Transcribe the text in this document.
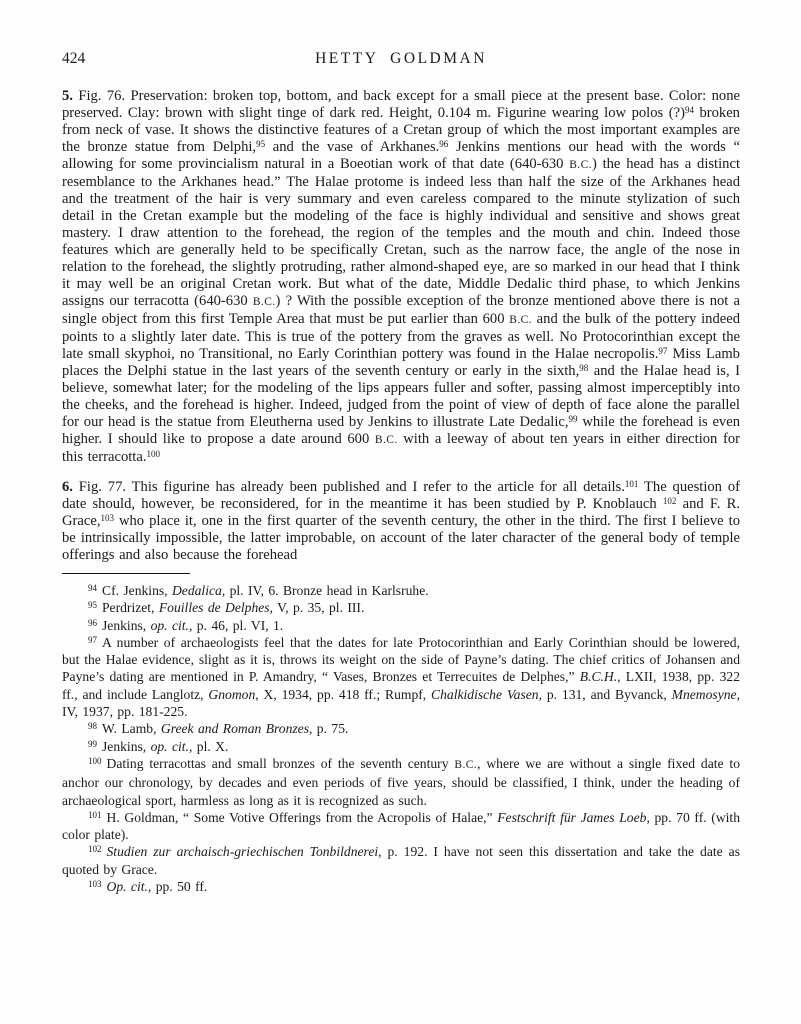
424	HETTY GOLDMAN

5. Fig. 76. Preservation: broken top, bottom, and back except for a small piece at the present base. Color: none preserved. Clay: brown with slight tinge of dark red. Height, 0.104 m. Figurine wearing low polos (?)$^{94}$ broken from neck of vase. It shows the distinctive features of a Cretan group of which the most important examples are the bronze statue from Delphi,$^{95}$ and the vase of Arkhanes.$^{96}$ Jenkins mentions our head with the words “ allowing for some provincialism natural in a Boeotian work of that date (640-630 B.C.) the head has a distinct resemblance to the Arkhanes head.” The Halae protome is indeed less than half the size of the Arkhanes head and the treatment of the hair is very summary and even careless compared to the minute stylization of such detail in the Cretan example but the modeling of the face is highly individual and sensitive and shows great mastery. I draw attention to the forehead, the region of the temples and the mouth and chin. Indeed those features which are generally held to be specifically Cretan, such as the narrow face, the angle of the nose in relation to the forehead, the slightly protruding, rather almond-shaped eye, are so marked in our head that I think it may well be an original Cretan work. But what of the date, Middle Dedalic third phase, to which Jenkins assigns our terracotta (640-630 B.C.) ? With the possible exception of the bronze mentioned above there is not a single object from this first Temple Area that must be put earlier than 600 B.C. and the bulk of the pottery indeed points to a slightly later date. This is true of the pottery from the graves as well. No Protocorinthian except the late small skyphoi, no Transitional, no Early Corinthian pottery was found in the Halae necropolis.$^{97}$ Miss Lamb places the Delphi statue in the last years of the seventh century or early in the sixth,$^{98}$ and the Halae head is, I believe, somewhat later; for the modeling of the lips appears fuller and softer, passing almost imperceptibly into the cheeks, and the forehead is higher. Indeed, judged from the point of view of depth of face alone the parallel for our head is the statue from Eleutherna used by Jenkins to illustrate Late Dedalic,$^{99}$ while the forehead is even higher. I should like to propose a date around 600 B.C. with a leeway of about ten years in either direction for this terracotta.$^{100}$

6. Fig. 77. This figurine has already been published and I refer to the article for all details.$^{101}$ The question of date should, however, be reconsidered, for in the meantime it has been studied by P. Knoblauch $^{102}$ and F. R. Grace,$^{103}$ who place it, one in the first quarter of the seventh century, the other in the third. The first I believe to be intrinsically impossible, the latter improbable, on account of the later character of the general body of temple offerings and also because the forehead

$^{94}$ Cf. Jenkins, Dedalica, pl. IV, 6. Bronze head in Karlsruhe.

$^{95}$ Perdrizet, Fouilles de Delphes, V, p. 35, pl. III.

$^{96}$ Jenkins, op. cit., p. 46, pl. VI, 1.

$^{97}$ A number of archaeologists feel that the dates for late Protocorinthian and Early Corinthian should be lowered, but the Halae evidence, slight as it is, throws its weight on the side of Payne’s dating. The chief critics of Johansen and Payne’s dating are mentioned in P. Amandry, “ Vases, Bronzes et Terrecuites de Delphes,” B.C.H., LXII, 1938, pp. 322 ff., and include Langlotz, Gnomon, X, 1934, pp. 418 ff.; Rumpf, Chalkidische Vasen, p. 131, and Byvanck, Mnemosyne, IV, 1937, pp. 181-225.

$^{98}$ W. Lamb, Greek and Roman Bronzes, p. 75.

$^{99}$ Jenkins, op. cit., pl. X.

$^{100}$ Dating terracottas and small bronzes of the seventh century B.C., where we are without a single fixed date to anchor our chronology, by decades and even periods of five years, should be classified, I think, under the heading of archaeological sport, harmless as long as it is recognized as such.

$^{101}$ H. Goldman, “ Some Votive Offerings from the Acropolis of Halae,” Festschrift für James Loeb, pp. 70 ff. (with color plate).

$^{102}$ Studien zur archaisch-griechischen Tonbildnerei, p. 192. I have not seen this dissertation and take the date as quoted by Grace.

$^{103}$ Op. cit., pp. 50 ff.
